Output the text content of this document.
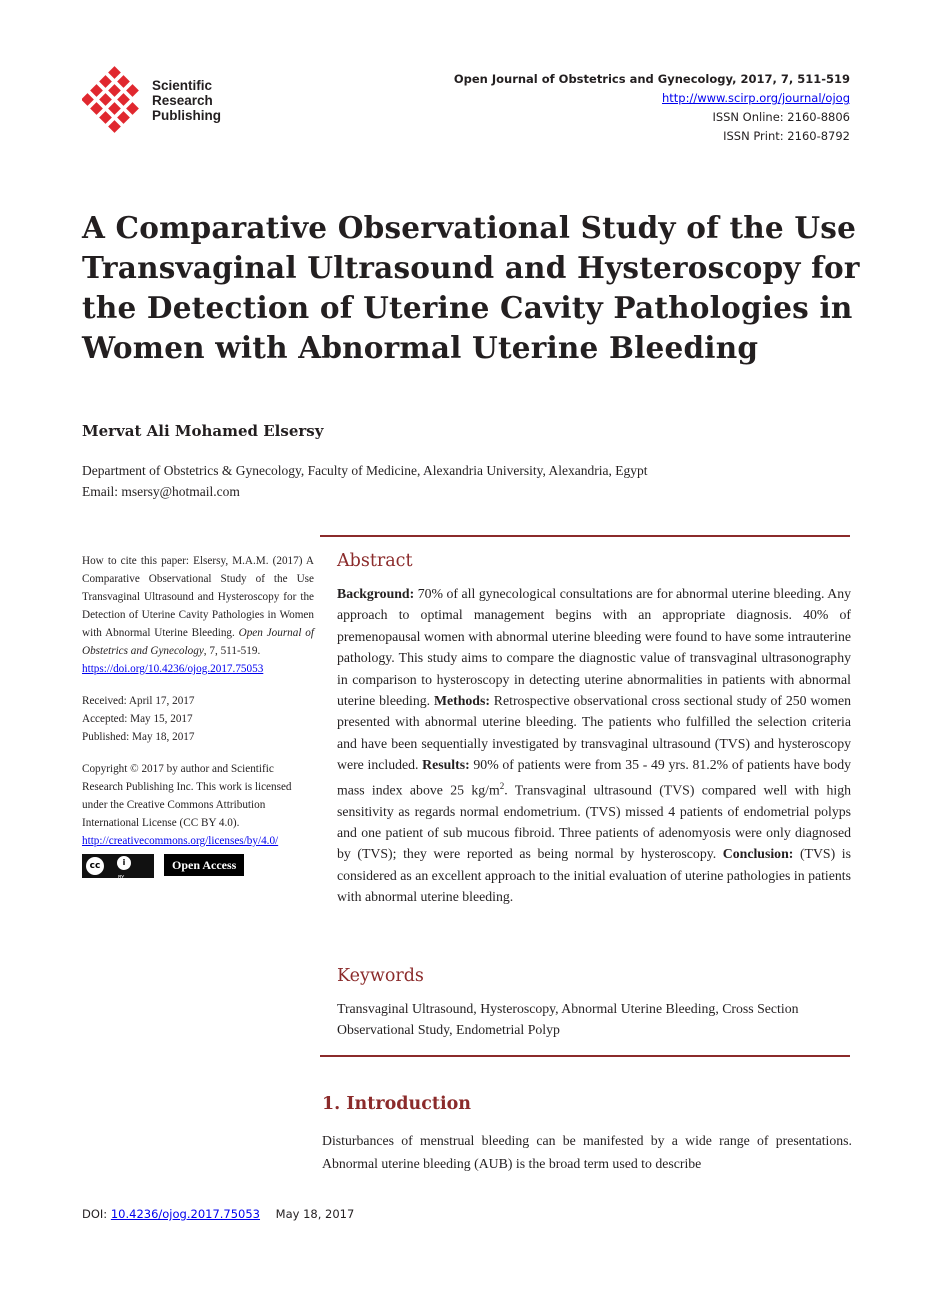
Scientific
Research
Publishing
Open Journal of Obstetrics and Gynecology, 2017, 7, 511-519
http://www.scirp.org/journal/ojog
ISSN Online: 2160-8806
ISSN Print: 2160-8792
A Comparative Observational Study of the Use Transvaginal Ultrasound and Hysteroscopy for the Detection of Uterine Cavity Pathologies in Women with Abnormal Uterine Bleeding
Mervat Ali Mohamed Elsersy
Department of Obstetrics & Gynecology, Faculty of Medicine, Alexandria University, Alexandria, Egypt
Email: msersy@hotmail.com
How to cite this paper: Elsersy, M.A.M. (2017) A Comparative Observational Study of the Use Transvaginal Ultrasound and Hysteroscopy for the Detection of Uterine Cavity Pathologies in Women with Abnormal Uterine Bleeding. Open Journal of Obstetrics and Gynecology, 7, 511-519.
https://doi.org/10.4236/ojog.2017.75053
Received: April 17, 2017
Accepted: May 15, 2017
Published: May 18, 2017
Copyright © 2017 by author and Scientific Research Publishing Inc. This work is licensed under the Creative Commons Attribution International License (CC BY 4.0).
http://creativecommons.org/licenses/by/4.0/
cc	i
BY
Open Access
Abstract
Background: 70% of all gynecological consultations are for abnormal uterine bleeding. Any approach to optimal management begins with an appropriate diagnosis. 40% of premenopausal women with abnormal uterine bleeding were found to have some intrauterine pathology. This study aims to compare the diagnostic value of transvaginal ultrasonography in comparison to hysteroscopy in detecting uterine abnormalities in patients with abnormal uterine bleeding. Methods: Retrospective observational cross sectional study of 250 women presented with abnormal uterine bleeding. The patients who fulfilled the selection criteria and have been sequentially investigated by transvaginal ultrasound (TVS) and hysteroscopy were included. Results: 90% of patients were from 35 - 49 yrs. 81.2% of patients have body mass index above 25 $kg/m^2$. Transvaginal ultrasound (TVS) compared well with high sensitivity as regards normal endometrium. (TVS) missed 4 patients of endometrial polyps and one patient of sub mucous fibroid. Three patients of adenomyosis were only diagnosed by (TVS); they were reported as being normal by hysteroscopy. Conclusion: (TVS) is considered as an excellent approach to the initial evaluation of uterine pathologies in patients with abnormal uterine bleeding.
Keywords
Transvaginal Ultrasound, Hysteroscopy, Abnormal Uterine Bleeding, Cross Section Observational Study, Endometrial Polyp
1. Introduction
Disturbances of menstrual bleeding can be manifested by a wide range of presentations. Abnormal uterine bleeding (AUB) is the broad term used to describe
DOI: 10.4236/ojog.2017.75053 May 18, 2017
